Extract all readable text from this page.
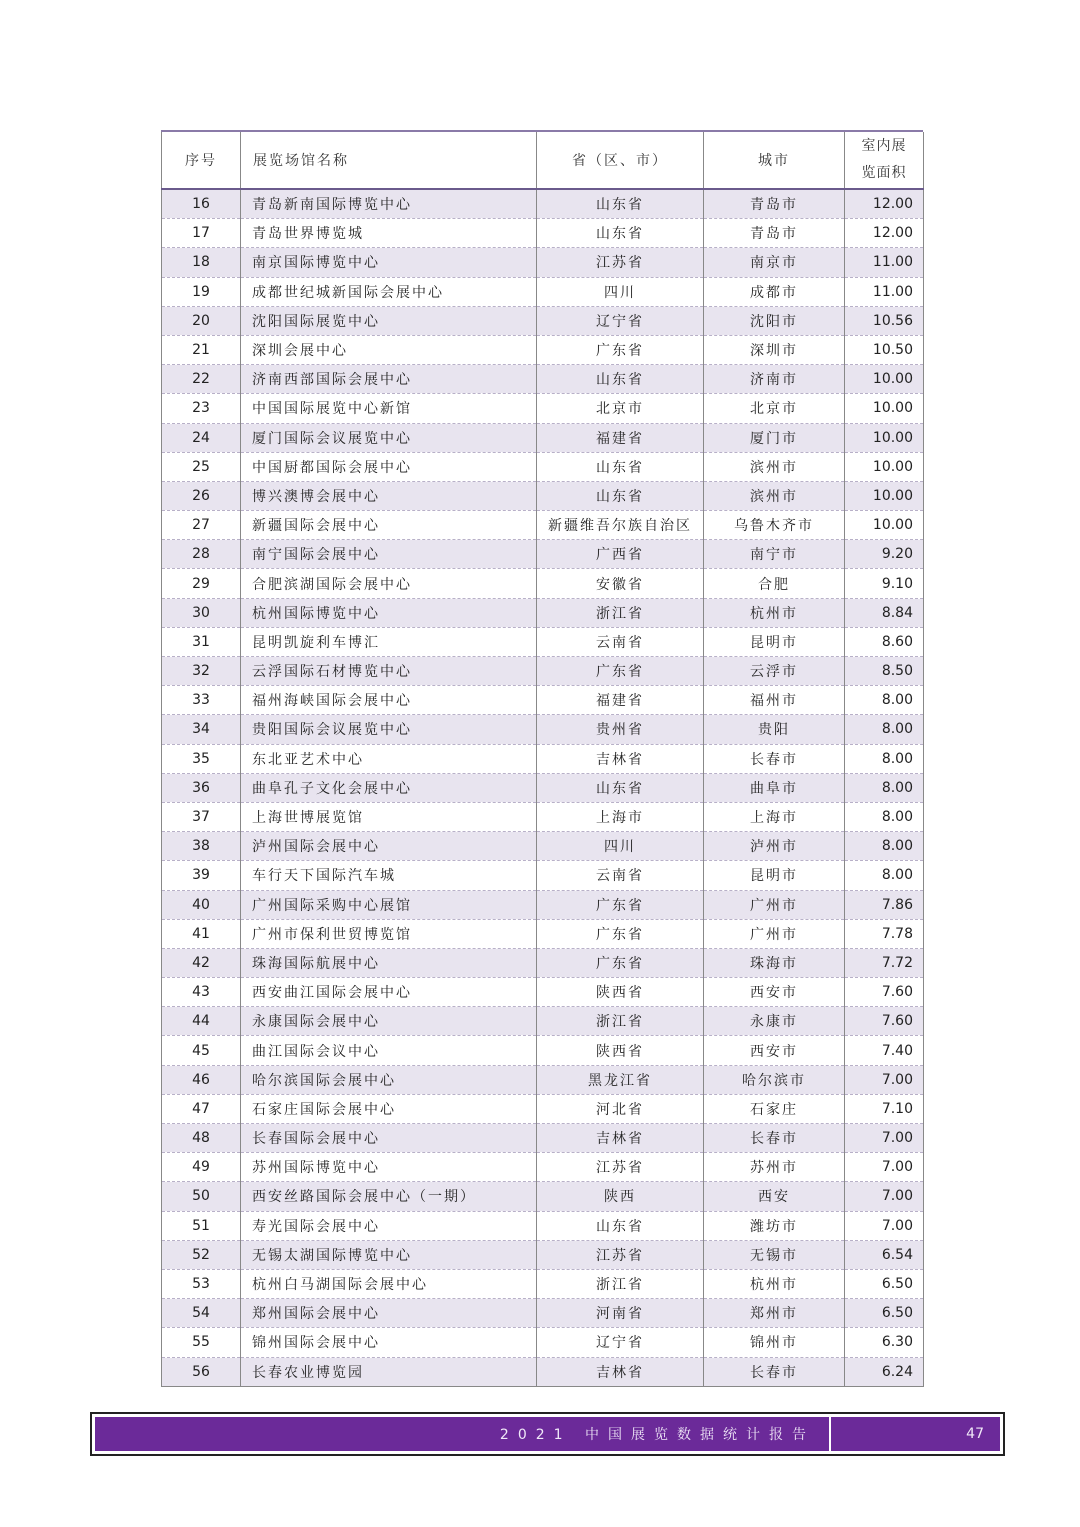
序号	展览场馆名称	省（区、市）	城市	室内展
览面积

16	青岛新南国际博览中心	山东省	青岛市	12.00
17	青岛世界博览城	山东省	青岛市	12.00
18	南京国际博览中心	江苏省	南京市	11.00
19	成都世纪城新国际会展中心	四川	成都市	11.00
20	沈阳国际展览中心	辽宁省	沈阳市	10.56
21	深圳会展中心	广东省	深圳市	10.50
22	济南西部国际会展中心	山东省	济南市	10.00
23	中国国际展览中心新馆	北京市	北京市	10.00
24	厦门国际会议展览中心	福建省	厦门市	10.00
25	中国厨都国际会展中心	山东省	滨州市	10.00
26	博兴澳博会展中心	山东省	滨州市	10.00
27	新疆国际会展中心	新疆维吾尔族自治区	乌鲁木齐市	10.00
28	南宁国际会展中心	广西省	南宁市	9.20
29	合肥滨湖国际会展中心	安徽省	合肥	9.10
30	杭州国际博览中心	浙江省	杭州市	8.84
31	昆明凯旋利车博汇	云南省	昆明市	8.60
32	云浮国际石材博览中心	广东省	云浮市	8.50
33	福州海峡国际会展中心	福建省	福州市	8.00
34	贵阳国际会议展览中心	贵州省	贵阳	8.00
35	东北亚艺术中心	吉林省	长春市	8.00
36	曲阜孔子文化会展中心	山东省	曲阜市	8.00
37	上海世博展览馆	上海市	上海市	8.00
38	泸州国际会展中心	四川	泸州市	8.00
39	车行天下国际汽车城	云南省	昆明市	8.00
40	广州国际采购中心展馆	广东省	广州市	7.86
41	广州市保利世贸博览馆	广东省	广州市	7.78
42	珠海国际航展中心	广东省	珠海市	7.72
43	西安曲江国际会展中心	陕西省	西安市	7.60
44	永康国际会展中心	浙江省	永康市	7.60
45	曲江国际会议中心	陕西省	西安市	7.40
46	哈尔滨国际会展中心	黑龙江省	哈尔滨市	7.00
47	石家庄国际会展中心	河北省	石家庄	7.10
48	长春国际会展中心	吉林省	长春市	7.00
49	苏州国际博览中心	江苏省	苏州市	7.00
50	西安丝路国际会展中心（一期）	陕西	西安	7.00
51	寿光国际会展中心	山东省	潍坊市	7.00
52	无锡太湖国际博览中心	江苏省	无锡市	6.54
53	杭州白马湖国际会展中心	浙江省	杭州市	6.50
54	郑州国际会展中心	河南省	郑州市	6.50
55	锦州国际会展中心	辽宁省	锦州市	6.30
56	长春农业博览园	吉林省	长春市	6.24
2021 中国展览数据统计报告	47
